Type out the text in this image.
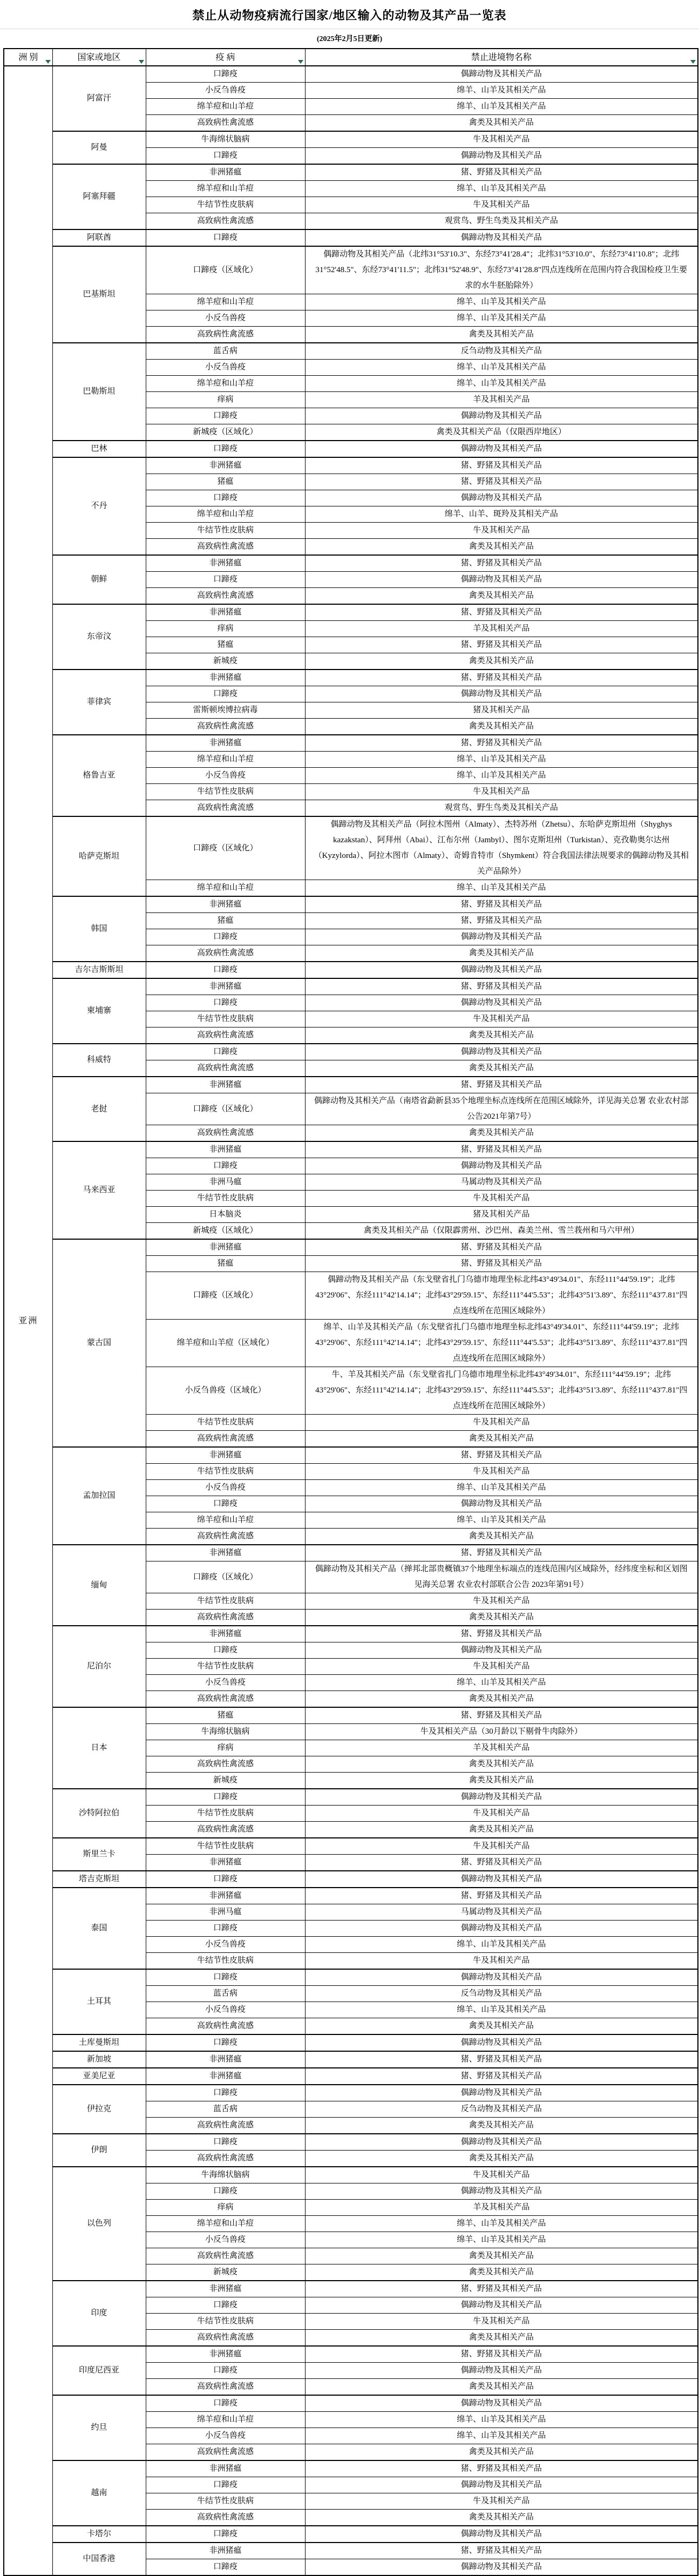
禁止从动物疫病流行国家/地区输入的动物及其产品一览表
(2025年2月5日更新)
洲 别	国家或地区	疫 病	禁止进境物名称

亚洲	阿富汗	口蹄疫	偶蹄动物及其相关产品
		小反刍兽疫	绵羊、山羊及其相关产品
		绵羊痘和山羊痘	绵羊、山羊及其相关产品
		高致病性禽流感	禽类及其相关产品
	阿曼	牛海绵状脑病	牛及其相关产品
		口蹄疫	偶蹄动物及其相关产品
	阿塞拜疆	非洲猪瘟	猪、野猪及其相关产品
		绵羊痘和山羊痘	绵羊、山羊及其相关产品
		牛结节性皮肤病	牛及其相关产品
		高致病性禽流感	观赏鸟、野生鸟类及其相关产品
	阿联酋	口蹄疫	偶蹄动物及其相关产品
	巴基斯坦	口蹄疫（区域化）	偶蹄动物及其相关产品（北纬31°53'10.3"、东经73°41'28.4"；北纬31°53'10.0"、东经73°41'10.8"；北纬31°52'48.5"、东经73°41'11.5"；北纬31°52'48.9"、东经73°41'28.8"四点连线所在范围内符合我国检疫卫生要求的水牛胚胎除外）
		绵羊痘和山羊痘	绵羊、山羊及其相关产品
		小反刍兽疫	绵羊、山羊及其相关产品
		高致病性禽流感	禽类及其相关产品
	巴勒斯坦	蓝舌病	反刍动物及其相关产品
		小反刍兽疫	绵羊、山羊及其相关产品
		绵羊痘和山羊痘	绵羊、山羊及其相关产品
		痒病	羊及其相关产品
		口蹄疫	偶蹄动物及其相关产品
		新城疫（区域化）	禽类及其相关产品（仅限西岸地区）
	巴林	口蹄疫	偶蹄动物及其相关产品
	不丹	非洲猪瘟	猪、野猪及其相关产品
		猪瘟	猪、野猪及其相关产品
		口蹄疫	偶蹄动物及其相关产品
		绵羊痘和山羊痘	绵羊、山羊、斑羚及其相关产品
		牛结节性皮肤病	牛及其相关产品
		高致病性禽流感	禽类及其相关产品
	朝鲜	非洲猪瘟	猪、野猪及其相关产品
		口蹄疫	偶蹄动物及其相关产品
		高致病性禽流感	禽类及其相关产品
	东帝汶	非洲猪瘟	猪、野猪及其相关产品
		痒病	羊及其相关产品
		猪瘟	猪、野猪及其相关产品
		新城疫	禽类及其相关产品
	菲律宾	非洲猪瘟	猪、野猪及其相关产品
		口蹄疫	偶蹄动物及其相关产品
		雷斯顿埃博拉病毒	猪及其相关产品
		高致病性禽流感	禽类及其相关产品
	格鲁吉亚	非洲猪瘟	猪、野猪及其相关产品
		绵羊痘和山羊痘	绵羊、山羊及其相关产品
		小反刍兽疫	绵羊、山羊及其相关产品
		牛结节性皮肤病	牛及其相关产品
		高致病性禽流感	观赏鸟、野生鸟类及其相关产品
	哈萨克斯坦	口蹄疫（区域化）	偶蹄动物及其相关产品（阿拉木图州（Almaty）、杰特苏州（Zhetsu）、东哈萨克斯坦州（Shyghys kazakstan）、阿拜州（Abai）、江布尔州（Jambyl）、图尔克斯坦州（Turkistan）、克孜勒奥尔达州（Kyzylorda）、阿拉木图市（Almaty）、奇姆肯特市（Shymkent）符合我国法律法规要求的偶蹄动物及其相关产品除外）
		绵羊痘和山羊痘	绵羊、山羊及其相关产品
	韩国	非洲猪瘟	猪、野猪及其相关产品
		猪瘟	猪、野猪及其相关产品
		口蹄疫	偶蹄动物及其相关产品
		高致病性禽流感	禽类及其相关产品
	吉尔吉斯斯坦	口蹄疫	偶蹄动物及其相关产品
	柬埔寨	非洲猪瘟	猪、野猪及其相关产品
		口蹄疫	偶蹄动物及其相关产品
		牛结节性皮肤病	牛及其相关产品
		高致病性禽流感	禽类及其相关产品
	科威特	口蹄疫	偶蹄动物及其相关产品
		高致病性禽流感	禽类及其相关产品
	老挝	非洲猪瘟	猪、野猪及其相关产品
		口蹄疫（区域化）	偶蹄动物及其相关产品（南塔省勐新县35个地理坐标点连线所在范围区域除外，详见海关总署 农业农村部公告2021年第7号）
		高致病性禽流感	禽类及其相关产品
	马来西亚	非洲猪瘟	猪、野猪及其相关产品
		口蹄疫	偶蹄动物及其相关产品
		非洲马瘟	马属动物及其相关产品
		牛结节性皮肤病	牛及其相关产品
		日本脑炎	猪及其相关产品
		新城疫（区域化）	禽类及其相关产品（仅限霹雳州、沙巴州、森美兰州、雪兰莪州和马六甲州）
	蒙古国	非洲猪瘟	猪、野猪及其相关产品
		猪瘟	猪、野猪及其相关产品
		口蹄疫（区域化）	偶蹄动物及其相关产品（东戈壁省扎门乌德市地理坐标北纬43°49'34.01"、东经111°44'59.19"；北纬43°29'06"、东经111°42'14.14"；北纬43°29'59.15"、东经111°44'5.53"；北纬43°51'3.89"、东经111°43'7.81"四点连线所在范围区域除外）
		绵羊痘和山羊痘（区域化）	绵羊、山羊及其相关产品（东戈壁省扎门乌德市地理坐标北纬43°49'34.01"、东经111°44'59.19"；北纬43°29'06"、东经111°42'14.14"；北纬43°29'59.15"、东经111°44'5.53"；北纬43°51'3.89"、东经111°43'7.81"四点连线所在范围区域除外）
		小反刍兽疫（区域化）	牛、羊及其相关产品（东戈壁省扎门乌德市地理坐标北纬43°49'34.01"、东经111°44'59.19"；北纬43°29'06"、东经111°42'14.14"；北纬43°29'59.15"、东经111°44'5.53"；北纬43°51'3.89"、东经111°43'7.81"四点连线所在范围区域除外）
		牛结节性皮肤病	牛及其相关产品
		高致病性禽流感	禽类及其相关产品
	孟加拉国	非洲猪瘟	猪、野猪及其相关产品
		牛结节性皮肤病	牛及其相关产品
		小反刍兽疫	绵羊、山羊及其相关产品
		口蹄疫	偶蹄动物及其相关产品
		绵羊痘和山羊痘	绵羊、山羊及其相关产品
		高致病性禽流感	禽类及其相关产品
	缅甸	非洲猪瘟	猪、野猪及其相关产品
		口蹄疫（区域化）	偶蹄动物及其相关产品（掸邦北部贵概镇37个地理坐标端点的连线范围内区域除外，经纬度坐标和区划图见海关总署 农业农村部联合公告 2023年第91号）
		牛结节性皮肤病	牛及其相关产品
		高致病性禽流感	禽类及其相关产品
	尼泊尔	非洲猪瘟	猪、野猪及其相关产品
		口蹄疫	偶蹄动物及其相关产品
		牛结节性皮肤病	牛及其相关产品
		小反刍兽疫	绵羊、山羊及其相关产品
		高致病性禽流感	禽类及其相关产品
	日本	猪瘟	猪、野猪及其相关产品
		牛海绵状脑病	牛及其相关产品（30月龄以下剔骨牛肉除外）
		痒病	羊及其相关产品
		高致病性禽流感	禽类及其相关产品
		新城疫	禽类及其相关产品
	沙特阿拉伯	口蹄疫	偶蹄动物及其相关产品
		牛结节性皮肤病	牛及其相关产品
		高致病性禽流感	禽类及其相关产品
	斯里兰卡	牛结节性皮肤病	牛及其相关产品
		非洲猪瘟	猪、野猪及其相关产品
	塔吉克斯坦	口蹄疫	偶蹄动物及其相关产品
	泰国	非洲猪瘟	猪、野猪及其相关产品
		非洲马瘟	马属动物及其相关产品
		口蹄疫	偶蹄动物及其相关产品
		小反刍兽疫	绵羊、山羊及其相关产品
		牛结节性皮肤病	牛及其相关产品
	土耳其	口蹄疫	偶蹄动物及其相关产品
		蓝舌病	反刍动物及其相关产品
		小反刍兽疫	绵羊、山羊及其相关产品
		高致病性禽流感	禽类及其相关产品
	土库曼斯坦	口蹄疫	偶蹄动物及其相关产品
	新加坡	非洲猪瘟	猪、野猪及其相关产品
	亚美尼亚	非洲猪瘟	猪、野猪及其相关产品
	伊拉克	口蹄疫	偶蹄动物及其相关产品
		蓝舌病	反刍动物及其相关产品
		高致病性禽流感	禽类及其相关产品
	伊朗	口蹄疫	偶蹄动物及其相关产品
		高致病性禽流感	禽类及其相关产品
	以色列	牛海绵状脑病	牛及其相关产品
		口蹄疫	偶蹄动物及其相关产品
		痒病	羊及其相关产品
		绵羊痘和山羊痘	绵羊、山羊及其相关产品
		小反刍兽疫	绵羊、山羊及其相关产品
		高致病性禽流感	禽类及其相关产品
		新城疫	禽类及其相关产品
	印度	非洲猪瘟	猪、野猪及其相关产品
		口蹄疫	偶蹄动物及其相关产品
		牛结节性皮肤病	牛及其相关产品
		高致病性禽流感	禽类及其相关产品
	印度尼西亚	非洲猪瘟	猪、野猪及其相关产品
		口蹄疫	偶蹄动物及其相关产品
		高致病性禽流感	禽类及其相关产品
	约旦	口蹄疫	偶蹄动物及其相关产品
		绵羊痘和山羊痘	绵羊、山羊及其相关产品
		小反刍兽疫	绵羊、山羊及其相关产品
		高致病性禽流感	禽类及其相关产品
	越南	非洲猪瘟	猪、野猪及其相关产品
		口蹄疫	偶蹄动物及其相关产品
		牛结节性皮肤病	牛及其相关产品
		高致病性禽流感	禽类及其相关产品
	卡塔尔	口蹄疫	偶蹄动物及其相关产品
	中国香港	非洲猪瘟	猪、野猪及其相关产品
		口蹄疫	偶蹄动物及其相关产品
